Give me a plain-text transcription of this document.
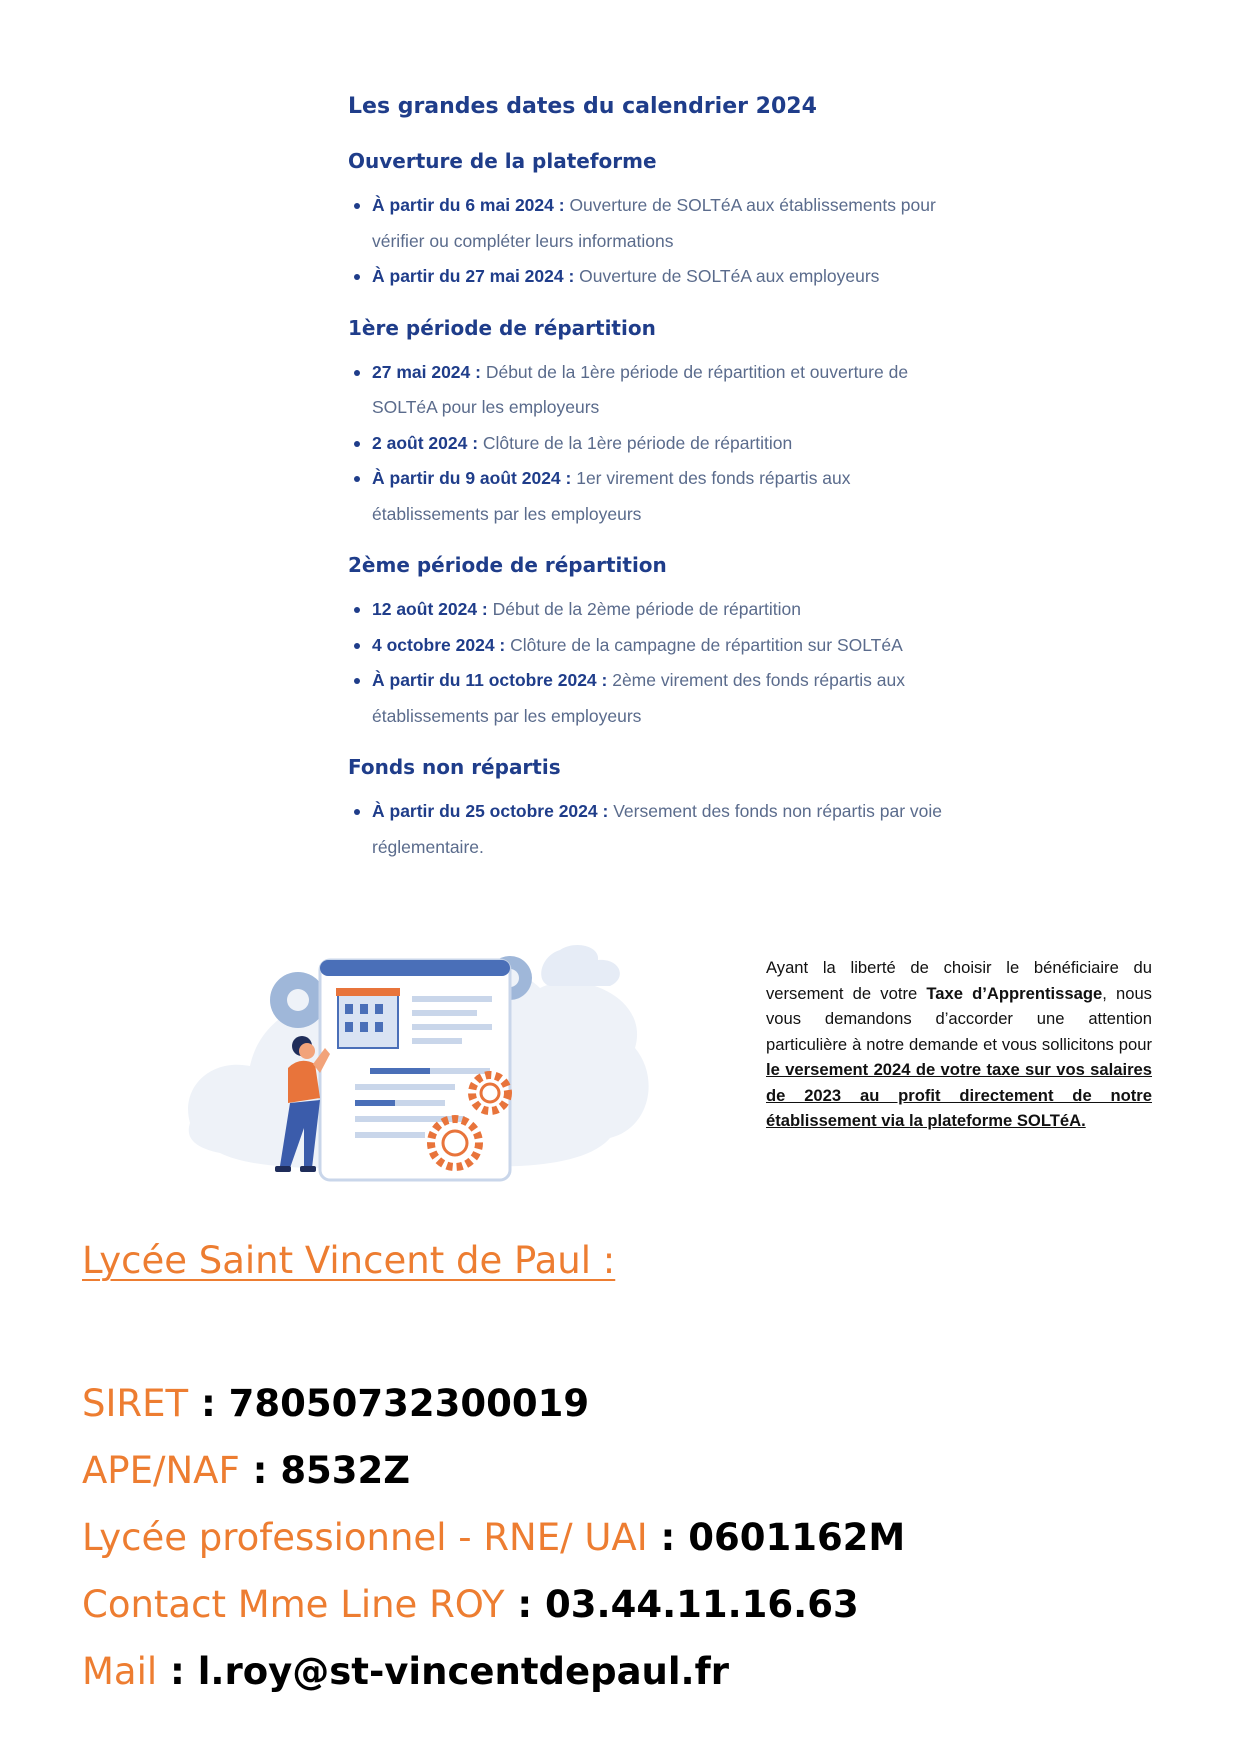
Les grandes dates du calendrier 2024
Ouverture de la plateforme
À partir du 6 mai 2024 : Ouverture de SOLTéA aux établissements pour vérifier ou compléter leurs informations
À partir du 27 mai 2024 : Ouverture de SOLTéA aux employeurs
1ère période de répartition
27 mai 2024 : Début de la 1ère période de répartition et ouverture de SOLTéA pour les employeurs
2 août 2024 : Clôture de la 1ère période de répartition
À partir du 9 août 2024 : 1er virement des fonds répartis aux établissements par les employeurs
2ème période de répartition
12 août 2024 : Début de la 2ème période de répartition
4 octobre 2024 : Clôture de la campagne de répartition sur SOLTéA
À partir du 11 octobre 2024 : 2ème virement des fonds répartis aux établissements par les employeurs
Fonds non répartis
À partir du 25 octobre 2024 : Versement des fonds non répartis par voie réglementaire.

Ayant la liberté de choisir le bénéficiaire du versement de votre Taxe d’Apprentissage, nous vous demandons d’accorder une attention particulière à notre demande et vous sollicitons pour le versement 2024 de votre taxe sur vos salaires de 2023 au profit directement de notre établissement via la plateforme SOLTéA.

Lycée Saint Vincent de Paul :
SIRET : 78050732300019
APE/NAF : 8532Z
Lycée professionnel - RNE/ UAI : 0601162M
Contact Mme Line ROY : 03.44.11.16.63
Mail : l.roy@st-vincentdepaul.fr
